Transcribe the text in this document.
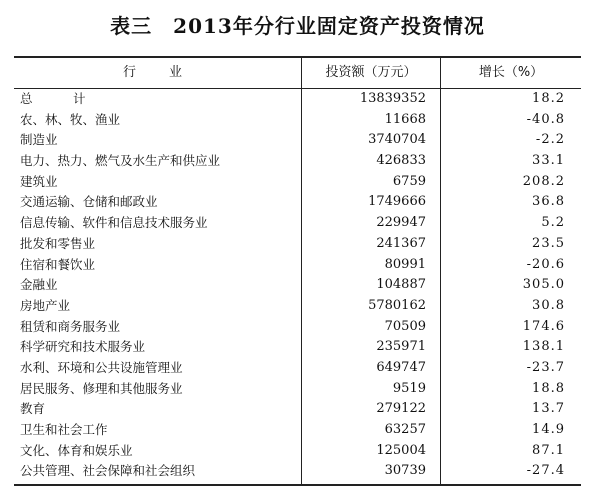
表三　2013年分行业固定资产投资情况
行　业	投资额（万元）	增长（%）
总　计	13839352	18.2
农、林、牧、渔业	11668	-40.8
制造业	3740704	-2.2
电力、热力、燃气及水生产和供应业	426833	33.1
建筑业	6759	208.2
交通运输、仓储和邮政业	1749666	36.8
信息传输、软件和信息技术服务业	229947	5.2
批发和零售业	241367	23.5
住宿和餐饮业	80991	-20.6
金融业	104887	305.0
房地产业	5780162	30.8
租赁和商务服务业	70509	174.6
科学研究和技术服务业	235971	138.1
水利、环境和公共设施管理业	649747	-23.7
居民服务、修理和其他服务业	9519	18.8
教育	279122	13.7
卫生和社会工作	63257	14.9
文化、体育和娱乐业	125004	87.1
公共管理、社会保障和社会组织	30739	-27.4
